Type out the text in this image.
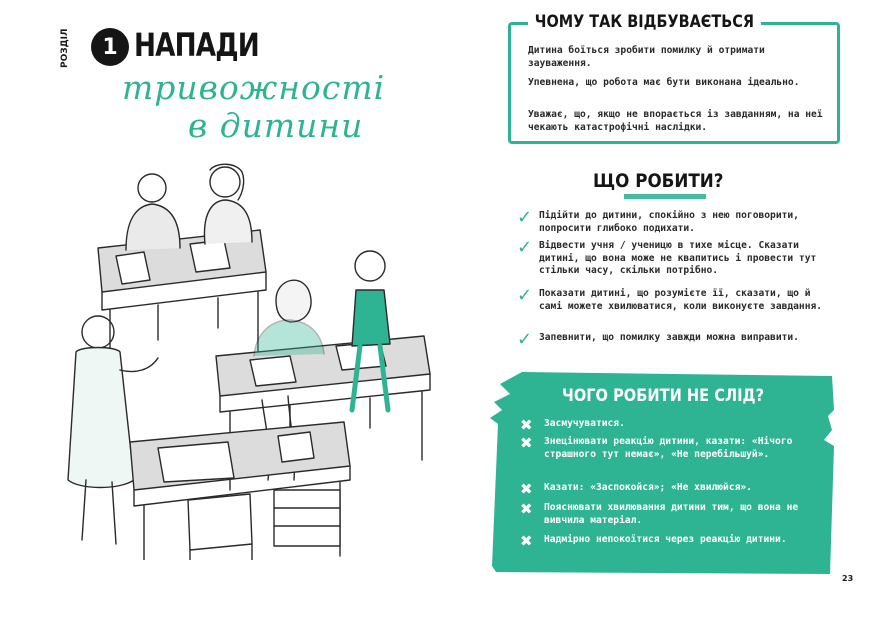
РОЗДІЛ	1 НАПАДИ
тривожності
в дитини
ЧОМУ ТАК ВІДБУВАЄТЬСЯ
Дитина боїться зробити помилку й отримати зауваження.
Упевнена, що робота має бути виконана ідеально.
Уважає, що, якщо не впорається із завданням, на неї чекають катастрофічні наслідки.
ЩО РОБИТИ?
✓ Підійти до дитини, спокійно з нею поговорити, попросити глибоко подихати.
✓ Відвести учня / ученицю в тихе місце. Сказати дитині, що вона може не квапитись і провести тут стільки часу, скільки потрібно.
✓ Показати дитині, що розумієте її, сказати, що й самі можете хвилюватися, коли виконуєте завдання.
✓ Запевнити, що помилку завжди можна виправити.
ЧОГО РОБИТИ НЕ СЛІД?
✖	Засмучуватися.
✖	Знецінювати реакцію дитини, казати: «Нічого страшного тут немає», «Не перебільшуй».
✖	Казати: «Заспокойся»; «Не хвилюйся».
✖	Пояснювати хвилювання дитини тим, що вона не вивчила матеріал.
✖	Надмірно непокоїтися через реакцію дитини.
23
